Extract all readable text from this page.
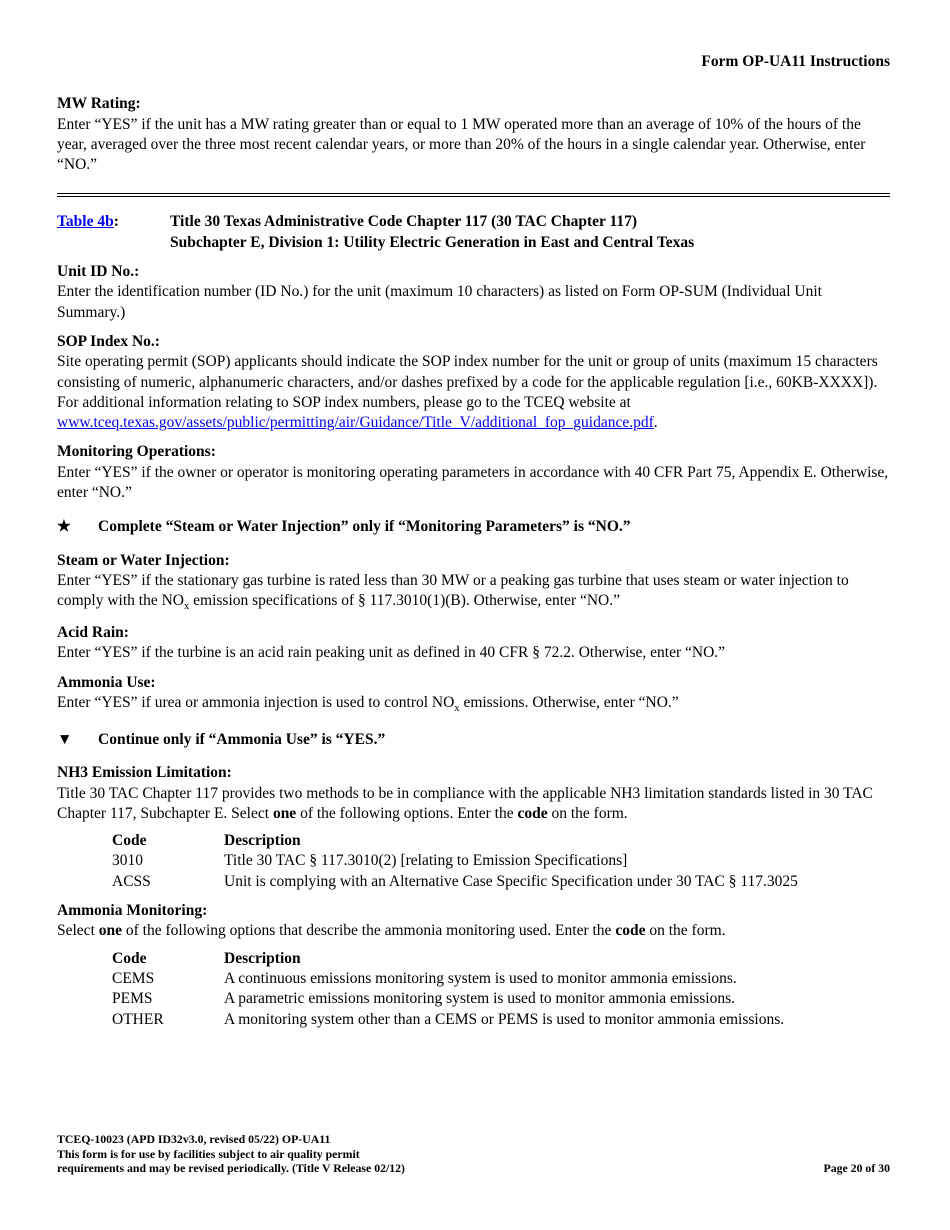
Form OP-UA11 Instructions
MW Rating:

Enter “YES” if the unit has a MW rating greater than or equal to 1 MW operated more than an average of 10% of the hours of the year, averaged over the three most recent calendar years, or more than 20% of the hours in a single calendar year. Otherwise, enter “NO.”

Table 4b:	Title 30 Texas Administrative Code Chapter 117 (30 TAC Chapter 117)
Subchapter E, Division 1: Utility Electric Generation in East and Central Texas
Unit ID No.:

Enter the identification number (ID No.) for the unit (maximum 10 characters) as listed on Form OP-SUM (Individual Unit Summary.)

SOP Index No.:

Site operating permit (SOP) applicants should indicate the SOP index number for the unit or group of units (maximum 15 characters consisting of numeric, alphanumeric characters, and/or dashes prefixed by a code for the applicable regulation [i.e., 60KB-XXXX]). For additional information relating to SOP index numbers, please go to the TCEQ website at www.tceq.texas.gov/assets/public/permitting/air/Guidance/Title_V/additional_fop_guidance.pdf.

Monitoring Operations:

Enter “YES” if the owner or operator is monitoring operating parameters in accordance with 40 CFR Part 75, Appendix E. Otherwise, enter “NO.”

★	Complete “Steam or Water Injection” only if “Monitoring Parameters” is “NO.”
Steam or Water Injection:

Enter “YES” if the stationary gas turbine is rated less than 30 MW or a peaking gas turbine that uses steam or water injection to comply with the $NO_x$ emission specifications of § 117.3010(1)(B). Otherwise, enter “NO.”

Acid Rain:

Enter “YES” if the turbine is an acid rain peaking unit as defined in 40 CFR § 72.2. Otherwise, enter “NO.”

Ammonia Use:

Enter “YES” if urea or ammonia injection is used to control $NO_x$ emissions. Otherwise, enter “NO.”

▼	Continue only if “Ammonia Use” is “YES.”
NH3 Emission Limitation:

Title 30 TAC Chapter 117 provides two methods to be in compliance with the applicable NH3 limitation standards listed in 30 TAC Chapter 117, Subchapter E. Select one of the following options. Enter the code on the form.

Code	Description
3010	Title 30 TAC § 117.3010(2) [relating to Emission Specifications]
ACSS	Unit is complying with an Alternative Case Specific Specification under 30 TAC § 117.3025
Ammonia Monitoring:

Select one of the following options that describe the ammonia monitoring used. Enter the code on the form.

Code	Description
CEMS	A continuous emissions monitoring system is used to monitor ammonia emissions.
PEMS	A parametric emissions monitoring system is used to monitor ammonia emissions.
OTHER	A monitoring system other than a CEMS or PEMS is used to monitor ammonia emissions.
TCEQ-10023 (APD ID32v3.0, revised 05/22) OP-UA11
This form is for use by facilities subject to air quality permit
requirements and may be revised periodically. (Title V Release 02/12)	Page 20 of 30
